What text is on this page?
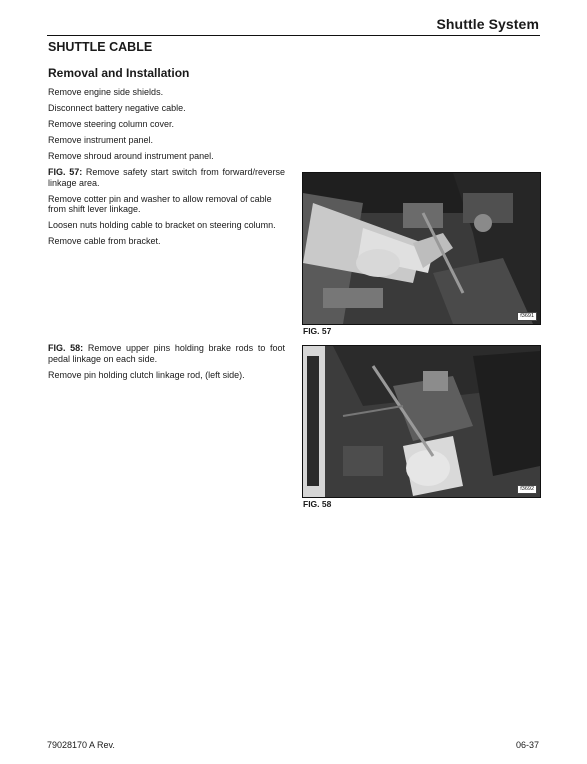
Shuttle System
SHUTTLE CABLE
Removal and Installation
Remove engine side shields.
Disconnect battery negative cable.
Remove steering column cover.
Remove instrument panel.
Remove shroud around instrument panel.
FIG. 57: Remove safety start switch from forward/reverse linkage area.
Remove cotter pin and washer to allow removal of cable from shift lever linkage.
Loosen nuts holding cable to bracket on steering column.
Remove cable from bracket.
FIG. 58: Remove upper pins holding brake rods to foot pedal linkage on each side.
Remove pin holding clutch linkage rod, (left side).
f3691
FIG. 57
f3692
FIG. 58
79028170 A Rev.	06-37
